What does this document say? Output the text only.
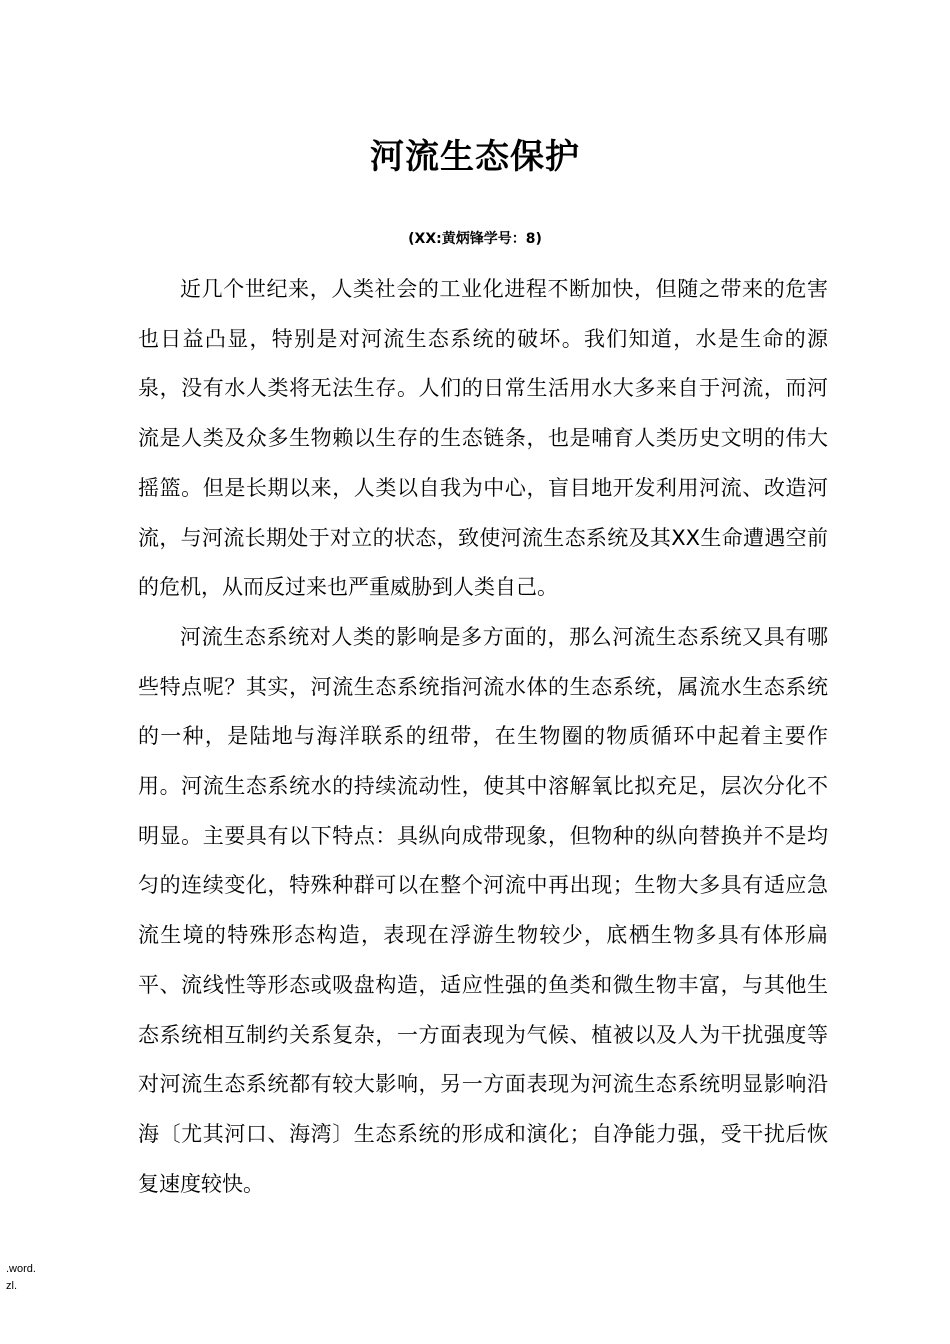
河流生态保护
(XX:黄炳锋学号：8)

近几个世纪来，人类社会的工业化进程不断加快，但随之带来的危害也日益凸显，特别是对河流生态系统的破坏。我们知道，水是生命的源泉，没有水人类将无法生存。人们的日常生活用水大多来自于河流，而河流是人类及众多生物赖以生存的生态链条，也是哺育人类历史文明的伟大摇篮。但是长期以来，人类以自我为中心，盲目地开发利用河流、改造河流，与河流长期处于对立的状态，致使河流生态系统及其XX生命遭遇空前的危机，从而反过来也严重威胁到人类自己。

河流生态系统对人类的影响是多方面的，那么河流生态系统又具有哪些特点呢？其实，河流生态系统指河流水体的生态系统，属流水生态系统的一种，是陆地与海洋联系的纽带，在生物圈的物质循环中起着主要作用。河流生态系统水的持续流动性，使其中溶解氧比拟充足，层次分化不明显。主要具有以下特点：具纵向成带现象，但物种的纵向替换并不是均匀的连续变化，特殊种群可以在整个河流中再出现；生物大多具有适应急流生境的特殊形态构造，表现在浮游生物较少，底栖生物多具有体形扁平、流线性等形态或吸盘构造，适应性强的鱼类和微生物丰富，与其他生态系统相互制约关系复杂，一方面表现为气候、植被以及人为干扰强度等对河流生态系统都有较大影响，另一方面表现为河流生态系统明显影响沿海〔尤其河口、海湾〕生态系统的形成和演化；自净能力强，受干扰后恢复速度较快。

.word.
zl.
